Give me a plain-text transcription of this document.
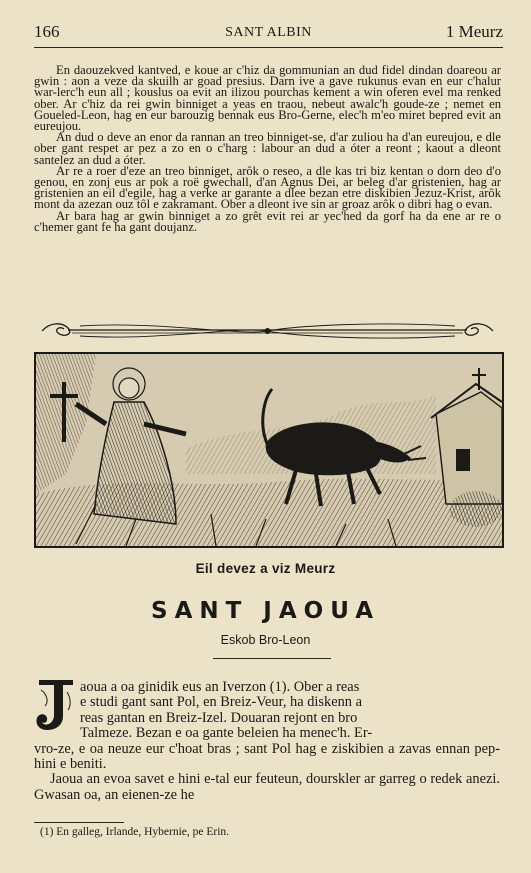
166	SANT ALBIN	1 Meurz

En daouzekved kantved, e koue ar c'hiz da gommunian an dud fidel dindan doareou ar gwin : aon a veze da skuilh ar goad presius. Darn ive a gave rukunus evan en eur c'halur war-lerc'h eun all ; kouslus oa evit an ilizou pourchas kement a win oferen evel ma renked ober. Ar c'hiz da rei gwin binniget a yeas en traou, nebeut awalc'h goude-ze ; nemet en Goueled-Leon, hag en eur barouzig bennak eus Bro-Gerne, elec'h m'eo miret bepred evit an eureujou.

An dud o deve an enor da rannan an treo binniget-se, d'ar zuliou ha d'an eureujou, e dle ober gant respet ar pez a zo en o c'harg : labour an dud a óter a reont ; kaout a dleont santelez an dud a óter.

Ar re a roer d'eze an treo binniget, arôk o reseo, a dle kas tri biz kentan o dorn deo d'o genou, en zonj eus ar pok a roë gwechall, d'an Agnus Dei, ar beleg d'ar gristenien, hag ar gristenien an eil d'egile, hag a verke ar garante a dlee bezan etre diskibien Jezuz-Krist, arôk mont da azezan ouz tôl e zakramant. Ober a dleont ive sin ar groaz arôk o dibri hag o evan.

Ar bara hag ar gwin binniget a zo grêt evit rei ar yec'hed da gorf ha da ene ar re o c'hemer gant fe ha gant doujanz.

Eil devez a viz Meurz
SANT JAOUA
Eskob Bro-Leon

aoua a oa ginidik eus an Iverzon (1). Ober a reas
e studi gant sant Pol, en Breiz-Veur, ha diskenn a
reas gantan en Breiz-Izel. Douaran rejont en bro
Talmeze. Bezan e oa gante beleien ha menec'h. Er-
vro-ze, e oa neuze eur c'hoat bras ; sant Pol hag e ziskibien a zavas ennan pep-hini e beniti.

Jaoua an evoa savet e hini e-tal eur feuteun, dourskler ar garreg o redek anezi. Gwasan oa, an eienen-ze he

(1) En galleg, Irlande, Hybernie, pe Erin.
